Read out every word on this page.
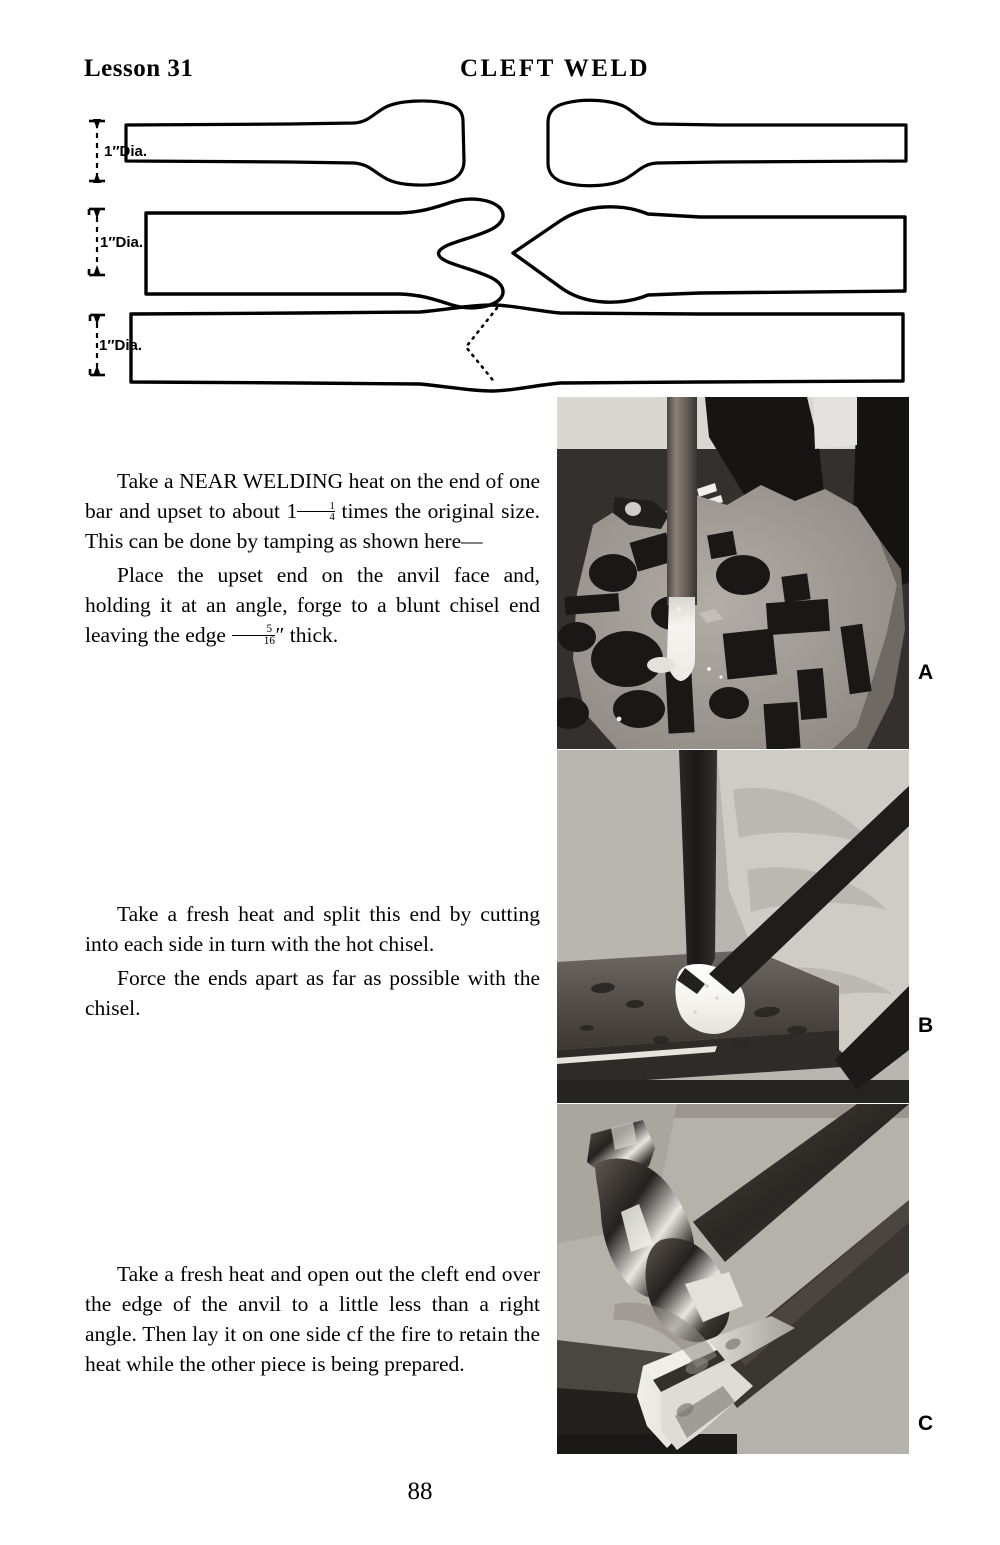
Lesson 31	CLEFT WELD
1″Dia.
1″Dia.
1″Dia.

Take a NEAR WELDING heat on the end of one bar and upset to about $1 \frac{1}{4}$ times the original size. This can be done by tamping as shown here—

Place the upset end on the anvil face and, holding it at an angle, forge to a blunt chisel end leaving the edge $\frac{5}{16}$ ″ thick.

Take a fresh heat and split this end by cutting into each side in turn with the hot chisel.

Force the ends apart as far as possible with the chisel.

Take a fresh heat and open out the cleft end over the edge of the anvil to a little less than a right angle. Then lay it on one side cf the fire to retain the heat while the other piece is being prepared.

A
B
C
88
